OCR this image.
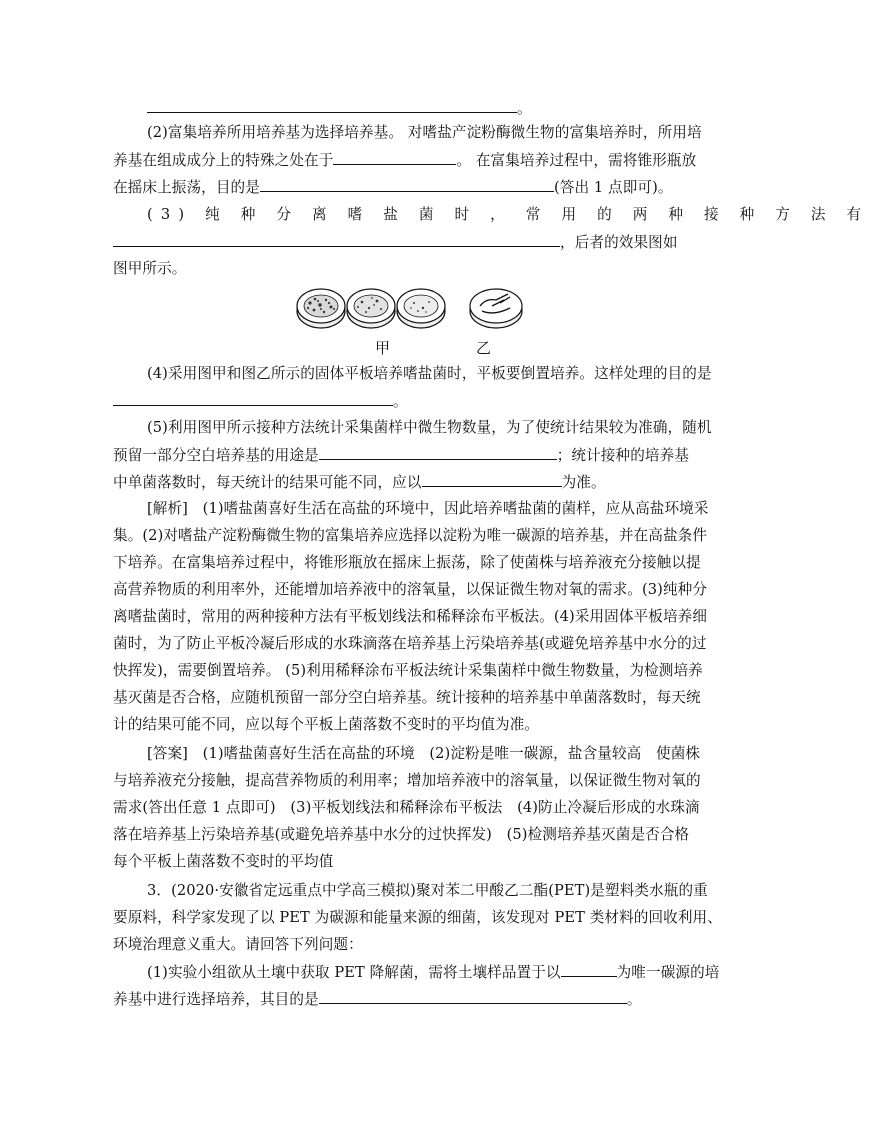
。
(2)富集培养所用培养基为选择培养基。 对嗜盐产淀粉酶微生物的富集培养时，所用培
养基在组成成分上的特殊之处在于	。 在富集培养过程中，需将锥形瓶放
在摇床上振荡，目的是	(答出 1 点即可)。
(3) 纯 种 分 离 嗜 盐 菌 时 ， 常 用 的 两 种 接 种 方 法 有
，后者的效果图如
图甲所示。
甲	乙
(4)采用图甲和图乙所示的固体平板培养嗜盐菌时，平板要倒置培养。这样处理的目的是
。
(5)利用图甲所示接种方法统计采集菌样中微生物数量，为了使统计结果较为准确，随机
预留一部分空白培养基的用途是	；统计接种的培养基
中单菌落数时，每天统计的结果可能不同，应以	为准。
[解析]　(1)嗜盐菌喜好生活在高盐的环境中，因此培养嗜盐菌的菌样，应从高盐环境采
集。(2)对嗜盐产淀粉酶微生物的富集培养应选择以淀粉为唯一碳源的培养基，并在高盐条件
下培养。在富集培养过程中，将锥形瓶放在摇床上振荡，除了使菌株与培养液充分接触以提
高营养物质的利用率外，还能增加培养液中的溶氧量，以保证微生物对氧的需求。(3)纯种分
离嗜盐菌时，常用的两种接种方法有平板划线法和稀释涂布平板法。(4)采用固体平板培养细
菌时，为了防止平板冷凝后形成的水珠滴落在培养基上污染培养基(或避免培养基中水分的过
快挥发)，需要倒置培养。 (5)利用稀释涂布平板法统计采集菌样中微生物数量，为检测培养
基灭菌是否合格，应随机预留一部分空白培养基。统计接种的培养基中单菌落数时，每天统
计的结果可能不同，应以每个平板上菌落数不变时的平均值为准。
[答案]　(1)嗜盐菌喜好生活在高盐的环境　(2)淀粉是唯一碳源，盐含量较高　使菌株
与培养液充分接触，提高营养物质的利用率；增加培养液中的溶氧量，以保证微生物对氧的
需求(答出任意 1 点即可)　(3)平板划线法和稀释涂布平板法　(4)防止冷凝后形成的水珠滴
落在培养基上污染培养基(或避免培养基中水分的过快挥发)　(5)检测培养基灭菌是否合格
每个平板上菌落数不变时的平均值
3．(2020·安徽省定远重点中学高三模拟)聚对苯二甲酸乙二酯(PET)是塑料类水瓶的重
要原料，科学家发现了以 PET 为碳源和能量来源的细菌，该发现对 PET 类材料的回收利用、
环境治理意义重大。请回答下列问题：
(1)实验小组欲从土壤中获取 PET 降解菌，需将土壤样品置于以	为唯一碳源的培
养基中进行选择培养，其目的是	。
